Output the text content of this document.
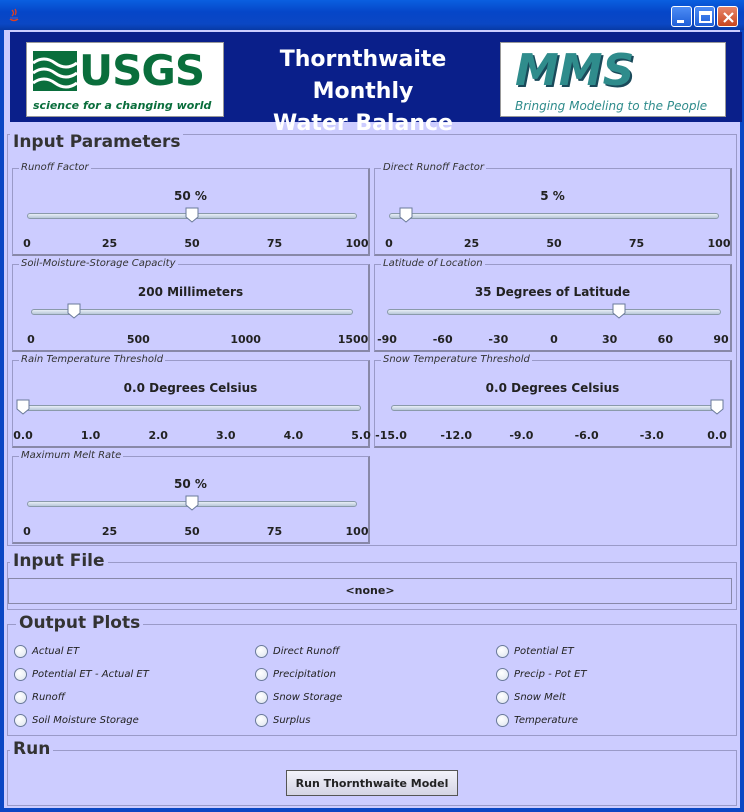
USGS
science for a changing world
Thornthwaite Monthly
Water Balance
MMS
Bringing Modeling to the People
Input Parameters
Runoff Factor
50 %
0	25	50	75	100
Direct Runoff Factor
5 %
0	25	50	75	100
Soil-Moisture-Storage Capacity
200 Millimeters
0	500	1000	1500
Latitude of Location
35 Degrees of Latitude
-90	-60	-30	0	30	60	90
Rain Temperature Threshold
0.0 Degrees Celsius
0.0	1.0	2.0	3.0	4.0	5.0
Snow Temperature Threshold
0.0 Degrees Celsius
-15.0	-12.0	-9.0	-6.0	-3.0	0.0
Maximum Melt Rate
50 %
0	25	50	75	100
Input File
<none>
Output Plots
Actual ET	Direct Runoff	Potential ET
Potential ET - Actual ET	Precipitation	Precip - Pot ET
Runoff	Snow Storage	Snow Melt
Soil Moisture Storage	Surplus	Temperature
Run
Run Thornthwaite Model
